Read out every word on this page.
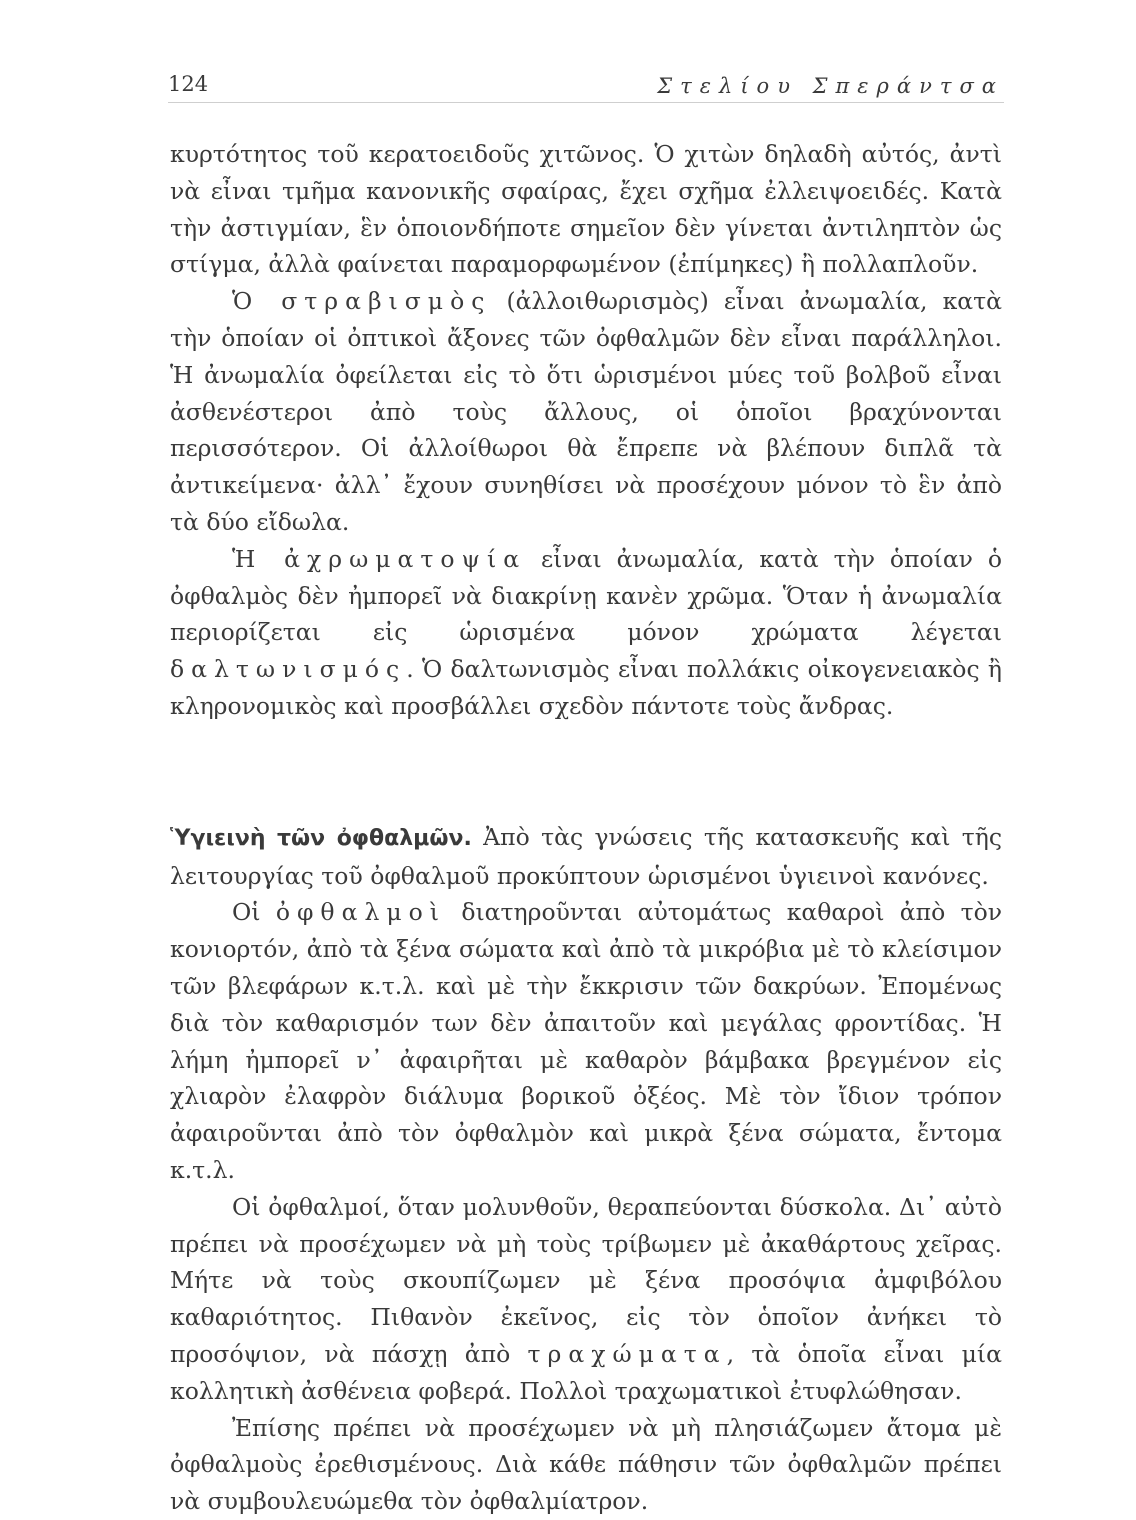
124	Στελίου Σπεράντσα

κυρτότητος τοῦ κερατοειδοῦς χιτῶνος. Ὁ χιτὼν δηλαδὴ αὐτός, ἀντὶ νὰ εἶναι τμῆμα κανονικῆς σφαίρας, ἔχει σχῆμα ἐλλειψοειδές. Κατὰ τὴν ἀστιγμίαν, ἓν ὁποιονδήποτε σημεῖον δὲν γίνεται ἀντιληπτὸν ὡς στίγμα, ἀλλὰ φαίνεται παραμορφωμένον (ἐπίμηκες) ἢ πολλαπλοῦν.

Ὁ στραβισμὸς (ἀλλοιθωρισμὸς) εἶναι ἀνωμαλία, κατὰ τὴν ὁποίαν οἱ ὀπτικοὶ ἄξονες τῶν ὀφθαλμῶν δὲν εἶναι παράλληλοι. Ἡ ἀνωμαλία ὀφείλεται εἰς τὸ ὅτι ὡρισμένοι μύες τοῦ βολβοῦ εἶναι ἀσθενέστεροι ἀπὸ τοὺς ἄλλους, οἱ ὁποῖοι βραχύνονται περισσότερον. Οἱ ἀλλοίθωροι θὰ ἔπρεπε νὰ βλέπουν διπλᾶ τὰ ἀντικείμενα· ἀλλ᾽ ἔχουν συνηθίσει νὰ προσέχουν μόνον τὸ ἓν ἀπὸ τὰ δύο εἴδωλα.

Ἡ ἀχρωματοψία εἶναι ἀνωμαλία, κατὰ τὴν ὁποίαν ὁ ὀφθαλμὸς δὲν ἠμπορεῖ νὰ διακρίνῃ κανὲν χρῶμα. Ὅταν ἡ ἀνωμαλία περιορίζεται εἰς ὡρισμένα μόνον χρώματα λέγεται δαλτωνισμός. Ὁ δαλτωνισμὸς εἶναι πολλάκις οἰκογενειακὸς ἢ κληρονομικὸς καὶ προσβάλλει σχεδὸν πάντοτε τοὺς ἄνδρας.

Ὑγιεινὴ τῶν ὀφθαλμῶν. Ἀπὸ τὰς γνώσεις τῆς κατασκευῆς καὶ τῆς λειτουργίας τοῦ ὀφθαλμοῦ προκύπτουν ὡρισμένοι ὑγιεινοὶ κανόνες.

Οἱ ὀφθαλμοὶ διατηροῦνται αὐτομάτως καθαροὶ ἀπὸ τὸν κονιορτόν, ἀπὸ τὰ ξένα σώματα καὶ ἀπὸ τὰ μικρόβια μὲ τὸ κλείσιμον τῶν βλεφάρων κ.τ.λ. καὶ μὲ τὴν ἔκκρισιν τῶν δακρύων. Ἐπομένως διὰ τὸν καθαρισμόν των δὲν ἀπαιτοῦν καὶ μεγάλας φροντίδας. Ἡ λήμη ἠμπορεῖ ν᾽ ἀφαιρῆται μὲ καθαρὸν βάμβακα βρεγμένον εἰς χλιαρὸν ἐλαφρὸν διάλυμα βορικοῦ ὀξέος. Μὲ τὸν ἴδιον τρόπον ἀφαιροῦνται ἀπὸ τὸν ὀφθαλμὸν καὶ μικρὰ ξένα σώματα, ἔντομα κ.τ.λ.

Οἱ ὀφθαλμοί, ὅταν μολυνθοῦν, θεραπεύονται δύσκολα. Δι᾽ αὐτὸ πρέπει νὰ προσέχωμεν νὰ μὴ τοὺς τρίβωμεν μὲ ἀκαθάρτους χεῖρας. Μήτε νὰ τοὺς σκουπίζωμεν μὲ ξένα προσόψια ἀμφιβόλου καθαριότητος. Πιθανὸν ἐκεῖνος, εἰς τὸν ὁποῖον ἀνήκει τὸ προσόψιον, νὰ πάσχῃ ἀπὸ τραχώματα, τὰ ὁποῖα εἶναι μία κολλητικὴ ἀσθένεια φοβερά. Πολλοὶ τραχωματικοὶ ἐτυφλώθησαν.

Ἐπίσης πρέπει νὰ προσέχωμεν νὰ μὴ πλησιάζωμεν ἄτομα μὲ ὀφθαλμοὺς ἐρεθισμένους. Διὰ κάθε πάθησιν τῶν ὀφθαλμῶν πρέπει νὰ συμβουλευώμεθα τὸν ὀφθαλμίατρον.
